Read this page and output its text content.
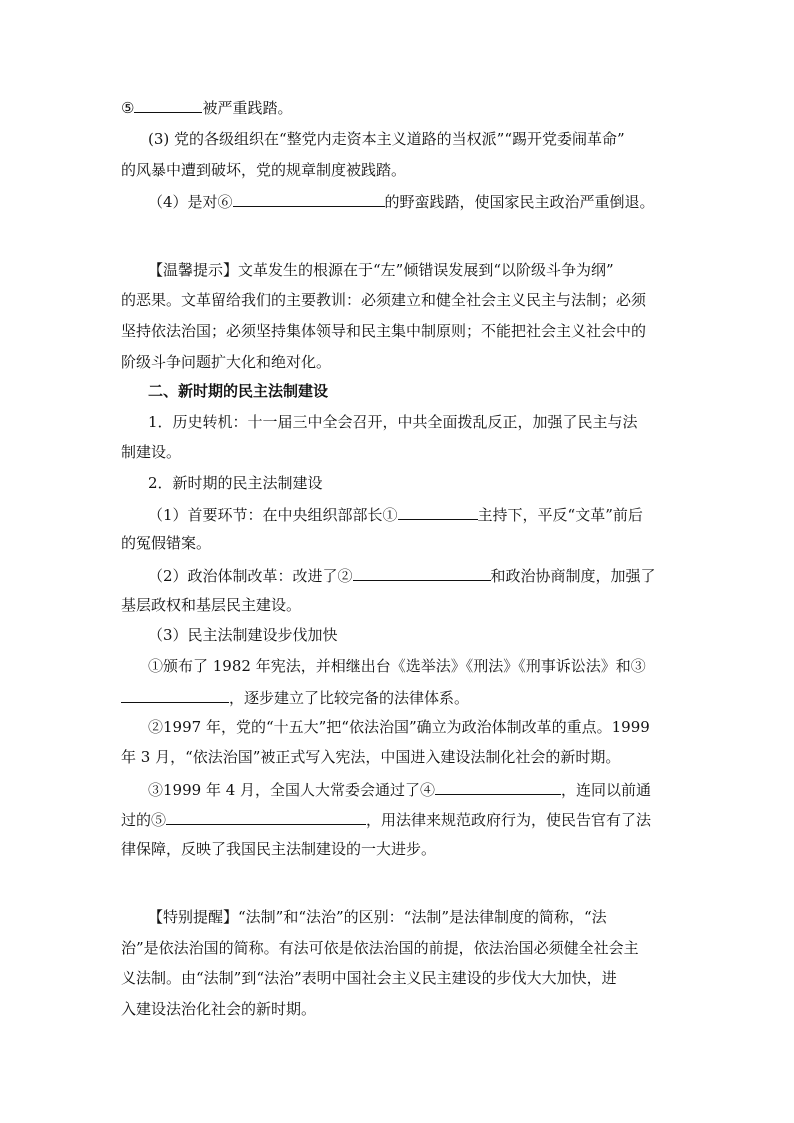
⑤	被严重践踏。
(3) 党的各级组织在“整党内走资本主义道路的当权派”“踢开党委闹革命”
的风暴中遭到破坏，党的规章制度被践踏。
（4）是对⑥	的野蛮践踏，使国家民主政治严重倒退。
【温馨提示】文革发生的根源在于“左”倾错误发展到“以阶级斗争为纲”
的恶果。文革留给我们的主要教训：必须建立和健全社会主义民主与法制；必须
坚持依法治国；必须坚持集体领导和民主集中制原则；不能把社会主义社会中的
阶级斗争问题扩大化和绝对化。
二、新时期的民主法制建设
1．历史转机：十一届三中全会召开，中共全面拨乱反正，加强了民主与法
制建设。
2．新时期的民主法制建设
（1）首要环节：在中央组织部部长①	主持下，平反“文革”前后
的冤假错案。
（2）政治体制改革：改进了②	和政治协商制度，加强了
基层政权和基层民主建设。
（3）民主法制建设步伐加快
①颁布了 1982 年宪法，并相继出台《选举法》《刑法》《刑事诉讼法》和③
，逐步建立了比较完备的法律体系。
②1997 年，党的“十五大”把“依法治国”确立为政治体制改革的重点。1999
年 3 月，“依法治国”被正式写入宪法，中国进入建设法制化社会的新时期。
③1999 年 4 月，全国人大常委会通过了④	，连同以前通
过的⑤	，用法律来规范政府行为，使民告官有了法
律保障，反映了我国民主法制建设的一大进步。
【特别提醒】“法制”和“法治”的区别：“法制”是法律制度的简称，“法
治”是依法治国的简称。有法可依是依法治国的前提，依法治国必须健全社会主
义法制。由“法制”到“法治”表明中国社会主义民主建设的步伐大大加快，进
入建设法治化社会的新时期。
